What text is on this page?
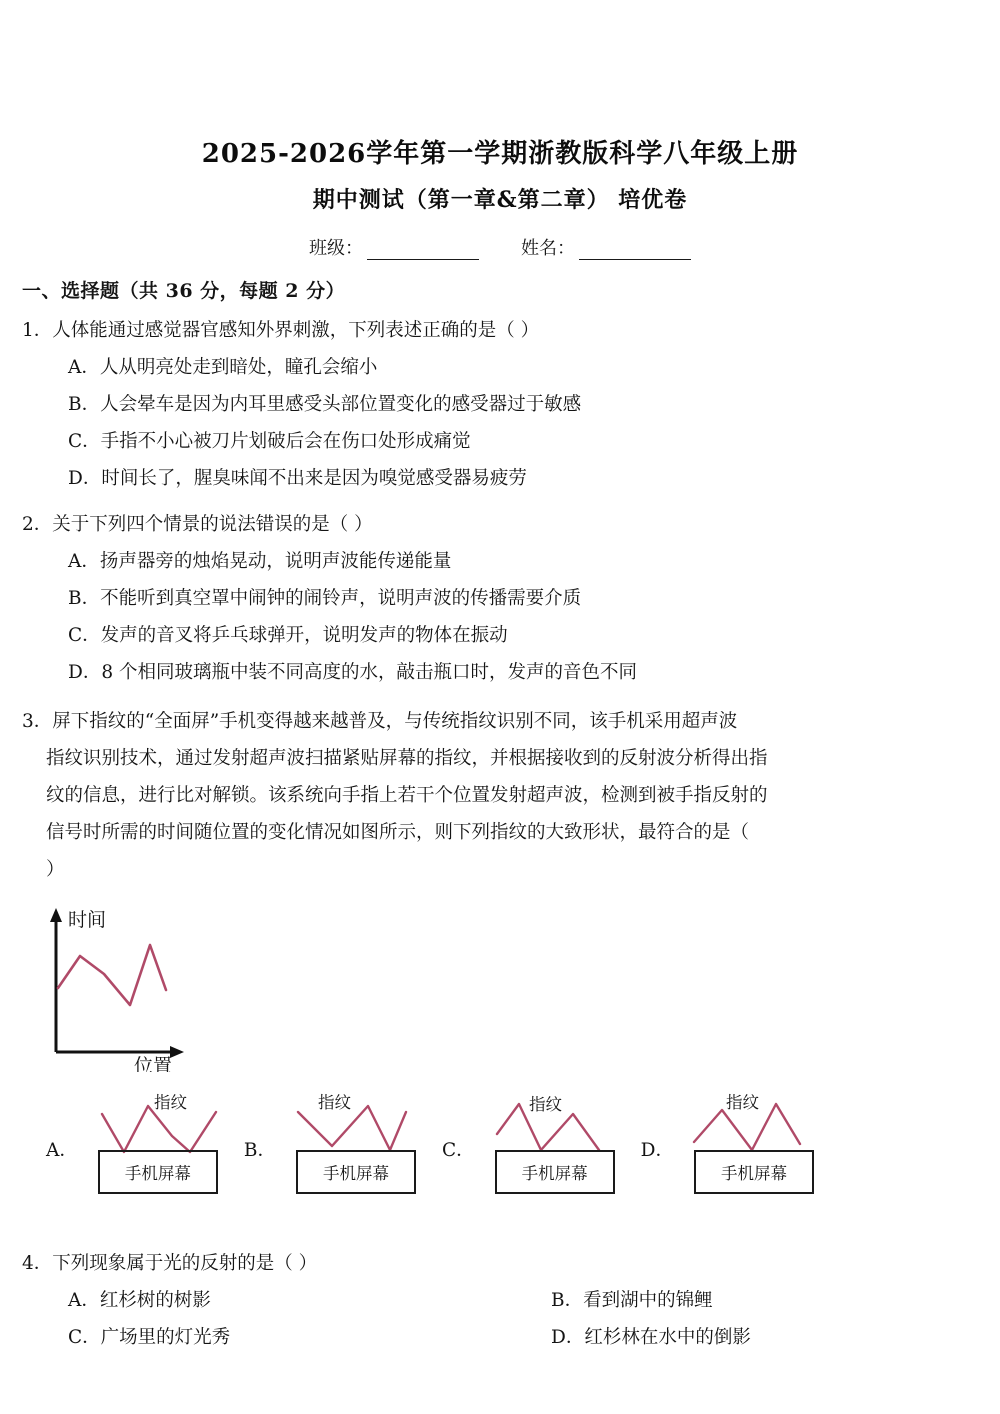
2025-2026学年第一学期浙教版科学八年级上册
期中测试（第一章&第二章） 培优卷
班级：	姓名：
一、选择题（共 36 分，每题 2 分）
1．人体能通过感觉器官感知外界刺激，下列表述正确的是（ ）
A．人从明亮处走到暗处，瞳孔会缩小
B．人会晕车是因为内耳里感受头部位置变化的感受器过于敏感
C．手指不小心被刀片划破后会在伤口处形成痛觉
D．时间长了，腥臭味闻不出来是因为嗅觉感受器易疲劳
2．关于下列四个情景的说法错误的是（ ）
A．扬声器旁的烛焰晃动，说明声波能传递能量
B．不能听到真空罩中闹钟的闹铃声，说明声波的传播需要介质
C．发声的音叉将乒乓球弹开，说明发声的物体在振动
D．8 个相同玻璃瓶中装不同高度的水，敲击瓶口时，发声的音色不同
3．屏下指纹的“全面屏”手机变得越来越普及，与传统指纹识别不同，该手机采用超声波
指纹识别技术，通过发射超声波扫描紧贴屏幕的指纹，并根据接收到的反射波分析得出指
纹的信息，进行比对解锁。该系统向手指上若干个位置发射超声波，检测到被手指反射的
信号时所需的时间随位置的变化情况如图所示，则下列指纹的大致形状，最符合的是（
）
时间
位置
A．
指纹
手机屏幕
B．
指纹
手机屏幕
C．
指纹
手机屏幕
D．
指纹
手机屏幕
4．下列现象属于光的反射的是（ ）
A．红杉树的树影	B．看到湖中的锦鲤
C．广场里的灯光秀	D．红杉林在水中的倒影
